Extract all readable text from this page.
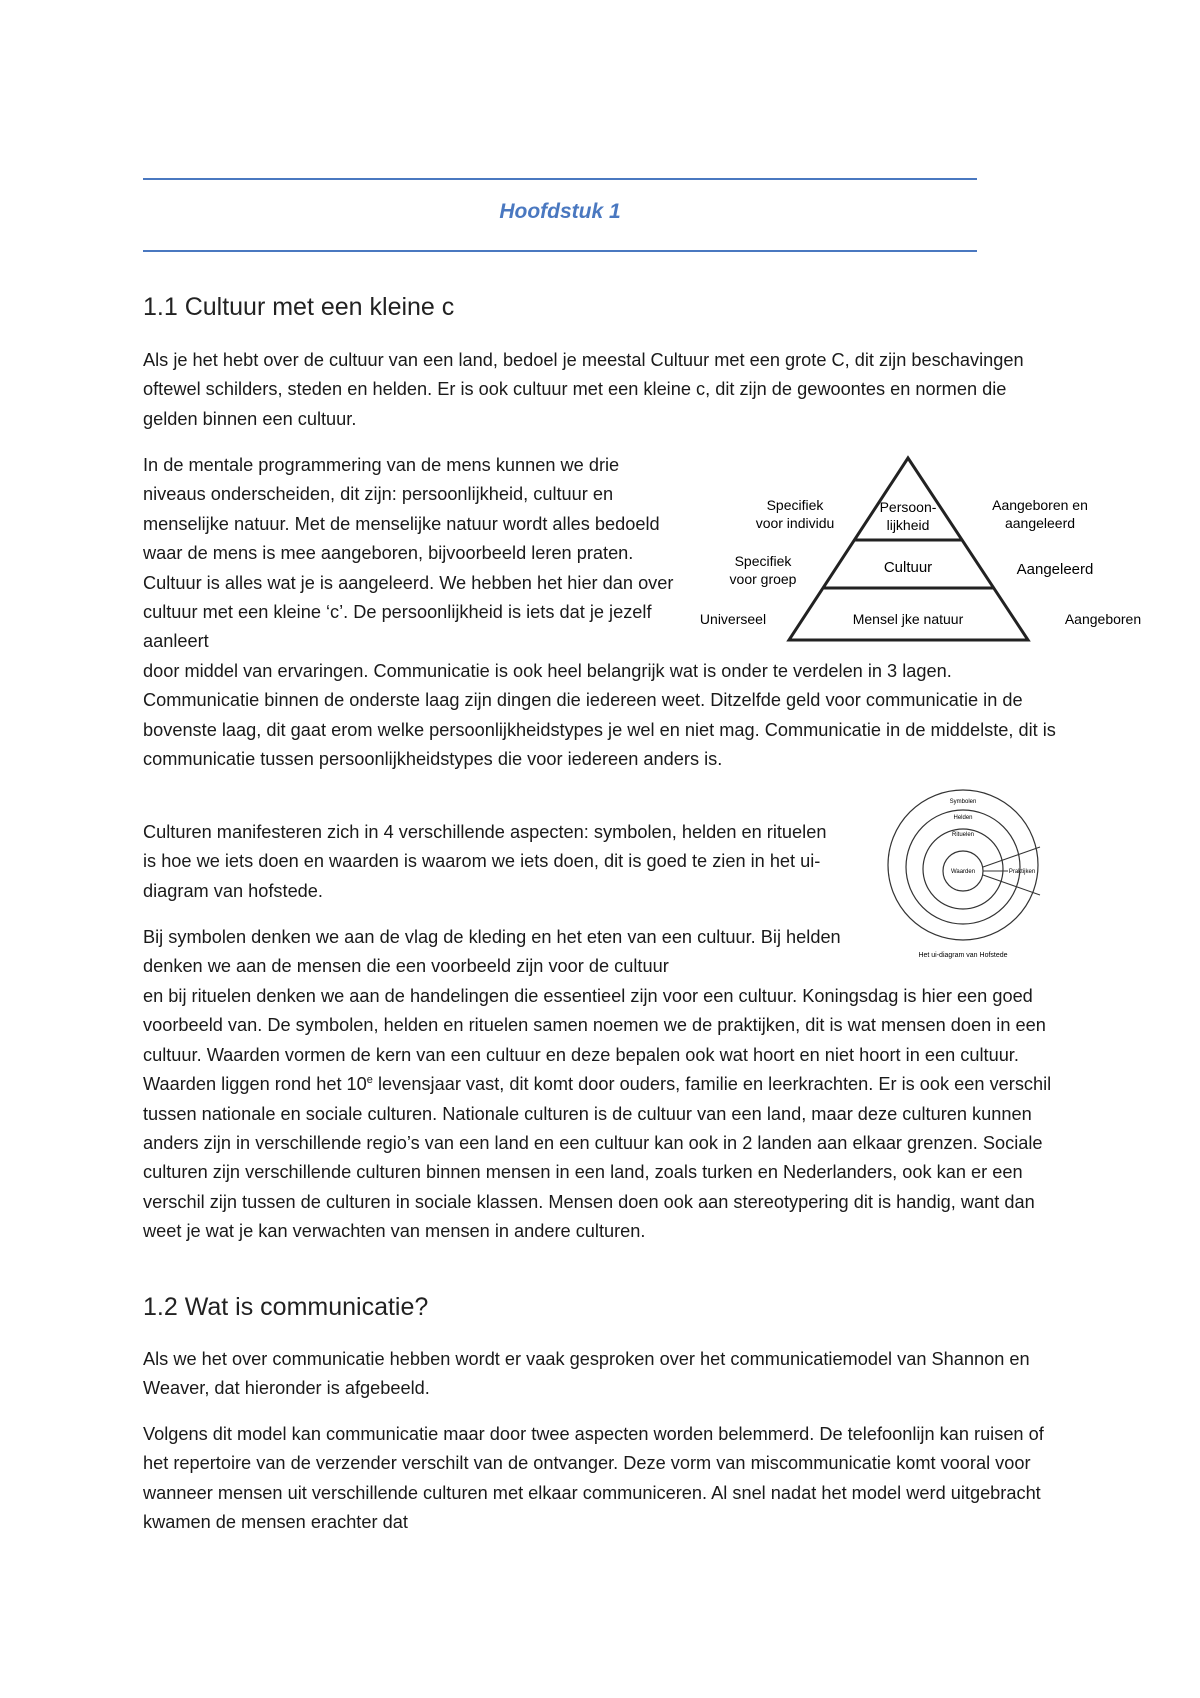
Hoofdstuk 1
1.1 Cultuur met een kleine c

Als je het hebt over de cultuur van een land, bedoel je meestal Cultuur met een grote C, dit zijn beschavingen oftewel schilders, steden en helden. Er is ook cultuur met een kleine c, dit zijn de gewoontes en normen die gelden binnen een cultuur.

In de mentale programmering van de mens kunnen we drie niveaus onderscheiden, dit zijn: persoonlijkheid, cultuur en menselijke natuur. Met de menselijke natuur wordt alles bedoeld waar de mens is mee aangeboren, bijvoorbeeld leren praten. Cultuur is alles wat je is aangeleerd. We hebben het hier dan over cultuur met een kleine ‘c’. De persoonlijkheid is iets dat je jezelf aanleert

door middel van ervaringen. Communicatie is ook heel belangrijk wat is onder te verdelen in 3 lagen. Communicatie binnen de onderste laag zijn dingen die iedereen weet. Ditzelfde geld voor communicatie in de bovenste laag, dit gaat erom welke persoonlijkheidstypes je wel en niet mag. Communicatie in de middelste, dit is communicatie tussen persoonlijkheidstypes die voor iedereen anders is.

Persoon-
lijkheid
Cultuur
Mensel jke natuur
Specifiek
voor individu
Specifiek
voor groep
Universeel
Aangeboren en
aangeleerd
Aangeleerd
Aangeboren

Culturen manifesteren zich in 4 verschillende aspecten: symbolen, helden en rituelen is hoe we iets doen en waarden is waarom we iets doen, dit is goed te zien in het ui-diagram van hofstede.

Bij symbolen denken we aan de vlag de kleding en het eten van een cultuur. Bij helden denken we aan de mensen die een voorbeeld zijn voor de cultuur

en bij rituelen denken we aan de handelingen die essentieel zijn voor een cultuur. Koningsdag is hier een goed voorbeeld van. De symbolen, helden en rituelen samen noemen we de praktijken, dit is wat mensen doen in een cultuur. Waarden vormen de kern van een cultuur en deze bepalen ook wat hoort en niet hoort in een cultuur. Waarden liggen rond het 10e levensjaar vast, dit komt door ouders, familie en leerkrachten. Er is ook een verschil tussen nationale en sociale culturen. Nationale culturen is de cultuur van een land, maar deze culturen kunnen anders zijn in verschillende regio’s van een land en een cultuur kan ook in 2 landen aan elkaar grenzen. Sociale culturen zijn verschillende culturen binnen mensen in een land, zoals turken en Nederlanders, ook kan er een verschil zijn tussen de culturen in sociale klassen. Mensen doen ook aan stereotypering dit is handig, want dan weet je wat je kan verwachten van mensen in andere culturen.

Symbolen
Helden
Rituelen
Waarden	Praktijken
Het ui-diagram van Hofstede
1.2 Wat is communicatie?

Als we het over communicatie hebben wordt er vaak gesproken over het communicatiemodel van Shannon en Weaver, dat hieronder is afgebeeld.

Volgens dit model kan communicatie maar door twee aspecten worden belemmerd. De telefoonlijn kan ruisen of het repertoire van de verzender verschilt van de ontvanger. Deze vorm van miscommunicatie komt vooral voor wanneer mensen uit verschillende culturen met elkaar communiceren. Al snel nadat het model werd uitgebracht kwamen de mensen erachter dat
